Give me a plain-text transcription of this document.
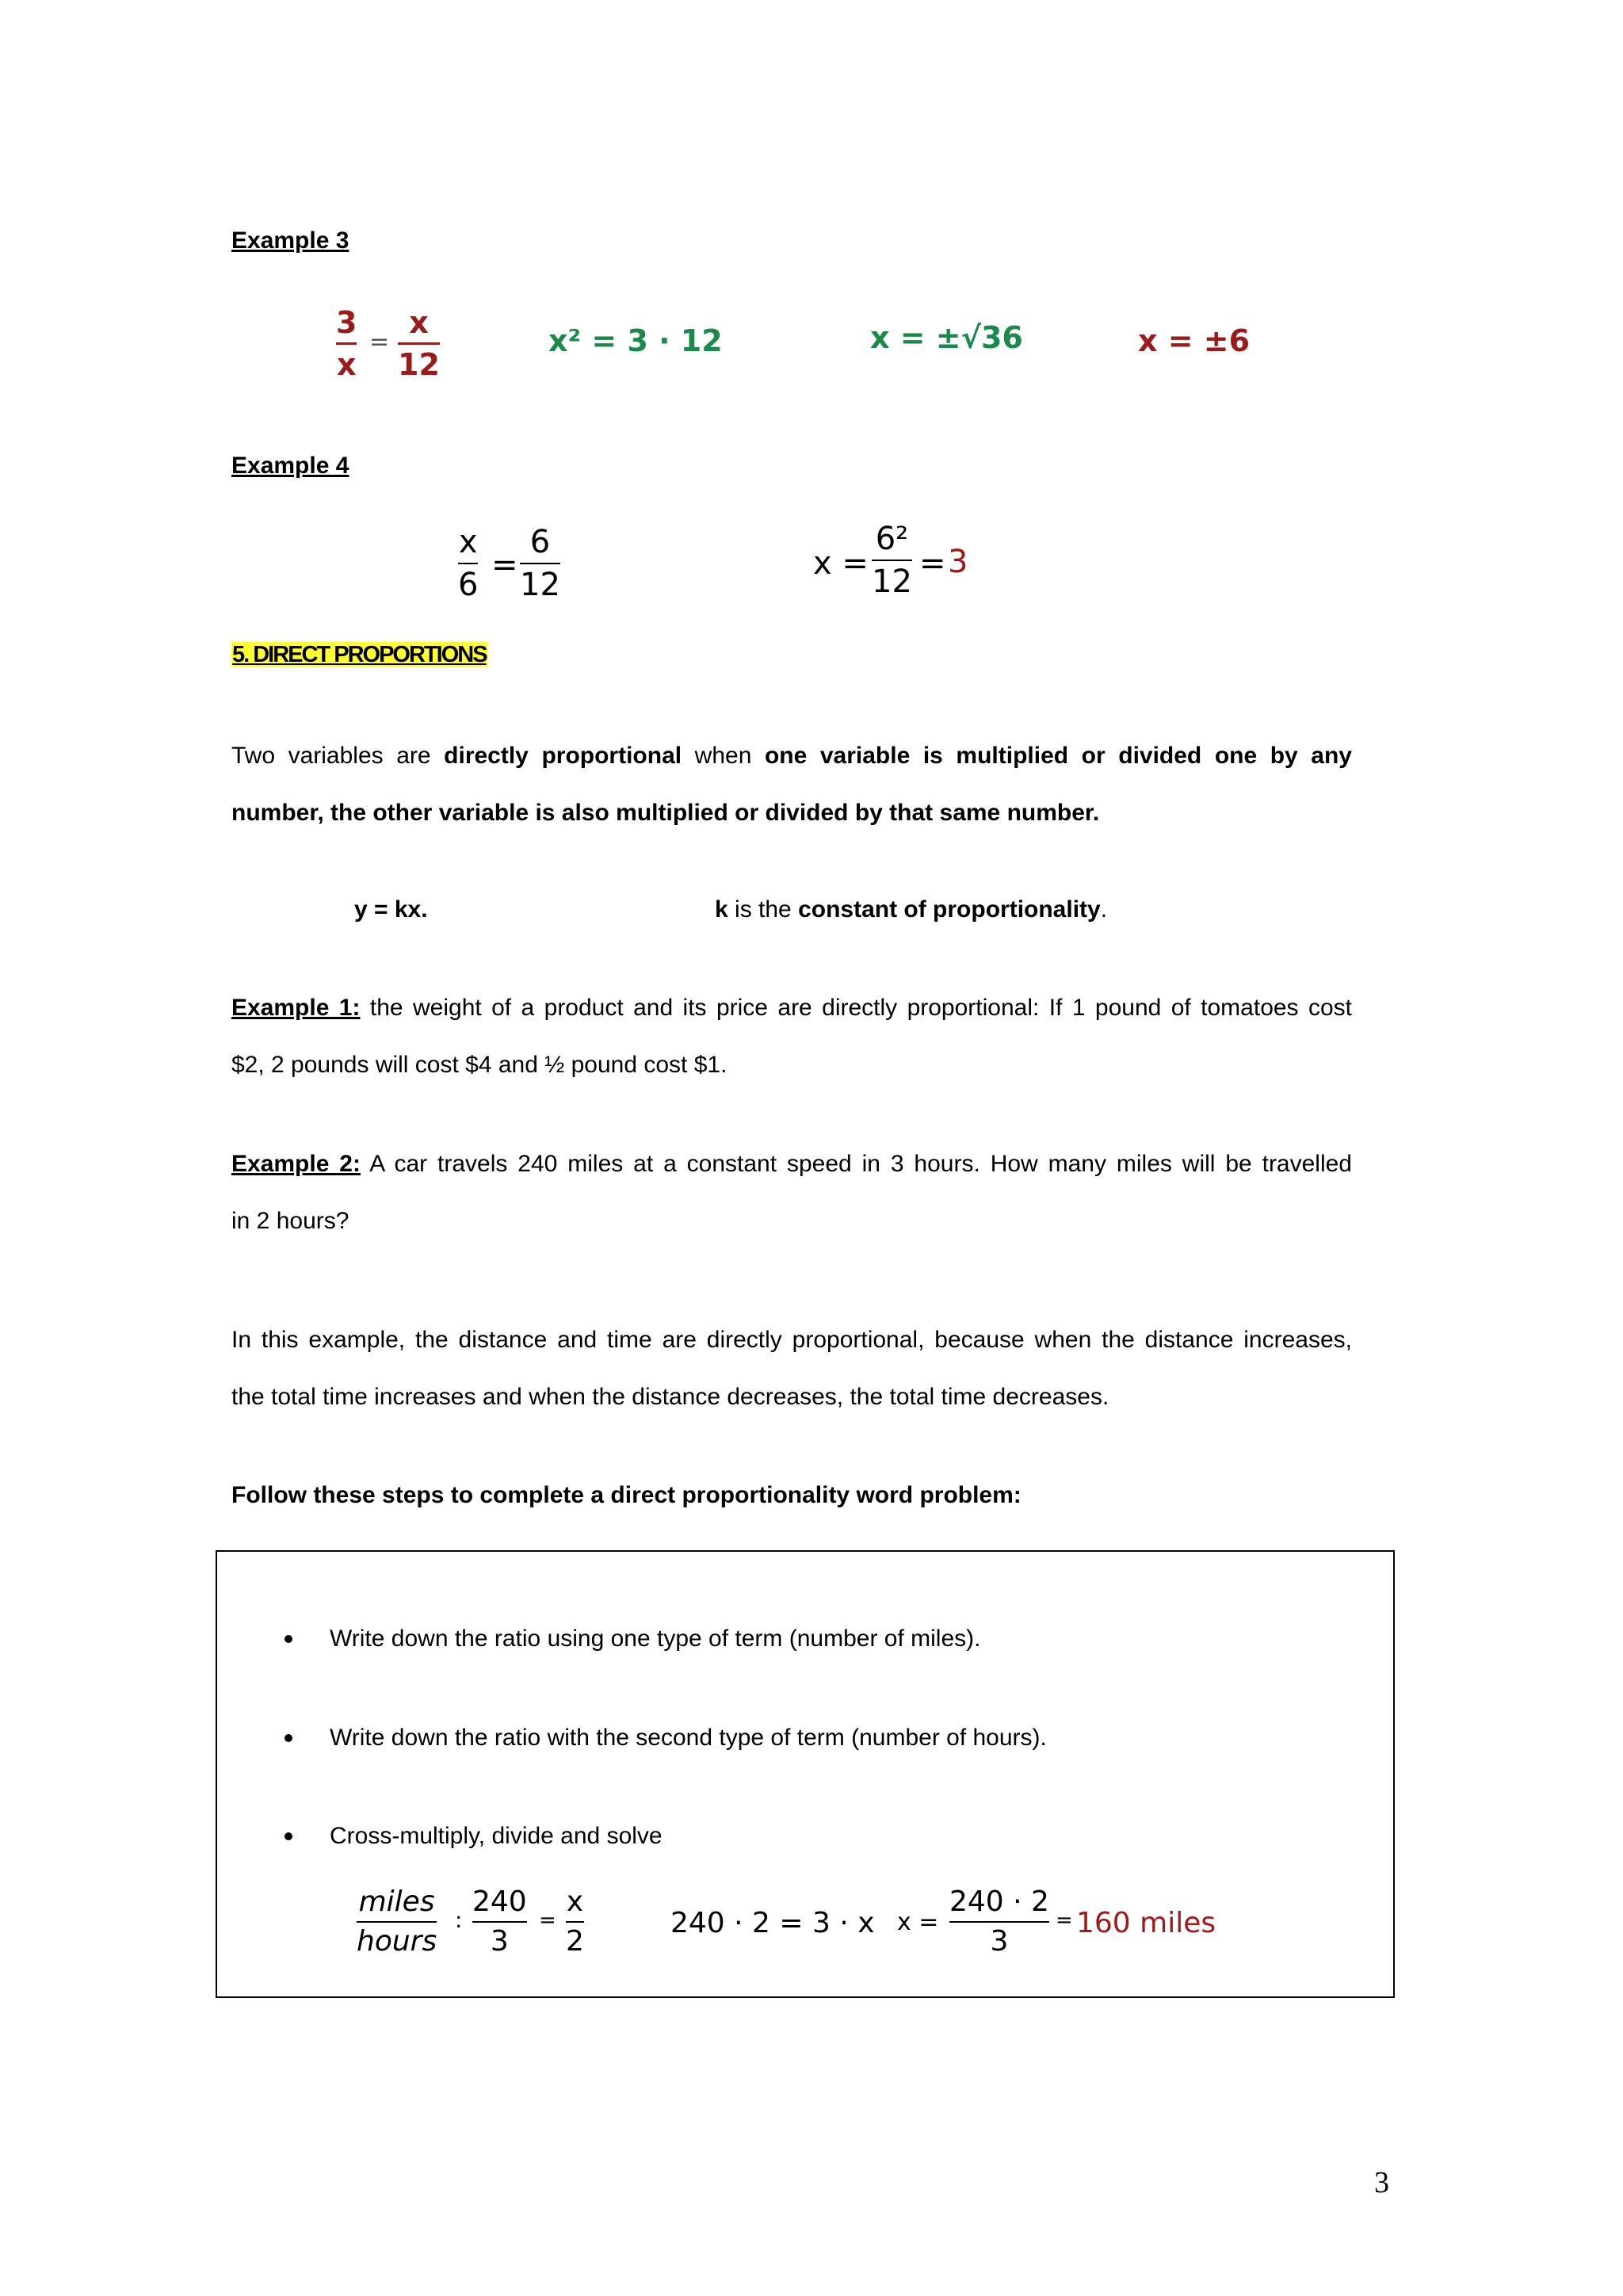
Example 3
3
x
=
x
12
x² = 3 · 12	x = ±√36	x = ±6
Example 4
x
6
=
6
12
x =
6²
12 = 3
5. DIRECT PROPORTIONS
Two variables are directly proportional when one variable is multiplied or divided one by any
number, the other variable is also multiplied or divided by that same number.
y = kx.	k is the constant of proportionality.
Example 1: the weight of a product and its price are directly proportional: If 1 pound of tomatoes cost
$2, 2 pounds will cost $4 and ½ pound cost $1.
Example 2: A car travels 240 miles at a constant speed in 3 hours. How many miles will be travelled
in 2 hours?
In this example, the distance and time are directly proportional, because when the distance increases,
the total time increases and when the distance decreases, the total time decreases.
Follow these steps to complete a direct proportionality word problem:
Write down the ratio using one type of term (number of miles).
Write down the ratio with the second type of term (number of hours).
Cross-multiply, divide and solve
miles
hours
:
240
3
=
x
2
240 · 2 = 3 · x x =
240 · 2
3
= 160 miles
3
